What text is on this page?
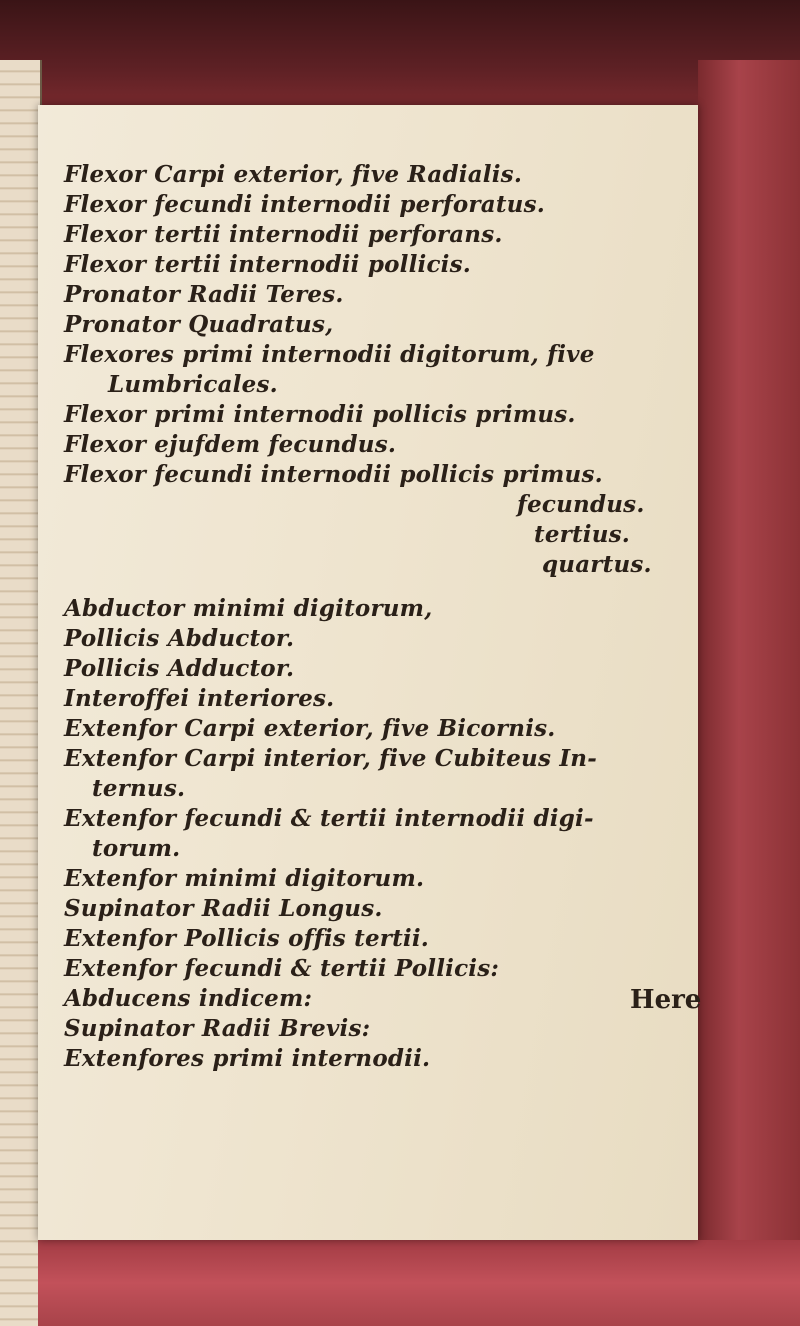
Flexor Carpi exterior, five Radialis.
Flexor fecundi internodii perforatus.
Flexor tertii internodii perforans.
Flexor tertii internodii pollicis.
Pronator Radii Teres.
Pronator Quadratus,
Flexores primi internodii digitorum, five
Lumbricales.
Flexor primi internodii pollicis primus.
Flexor ejufdem fecundus.
Flexor fecundi internodii pollicis primus.
fecundus.
tertius.
quartus.
Abductor minimi digitorum,
Pollicis Abductor.
Pollicis Adductor.
Interoffei interiores.
Extenfor Carpi exterior, five Bicornis.
Extenfor Carpi interior, five Cubiteus In-
ternus.
Extenfor fecundi & tertii internodii digi-
torum.
Extenfor minimi digitorum.
Supinator Radii Longus.
Extenfor Pollicis offis tertii.
Extenfor fecundi & tertii Pollicis:
Abducens indicem:
Supinator Radii Brevis:
Extenfores primi internodii.
Here
